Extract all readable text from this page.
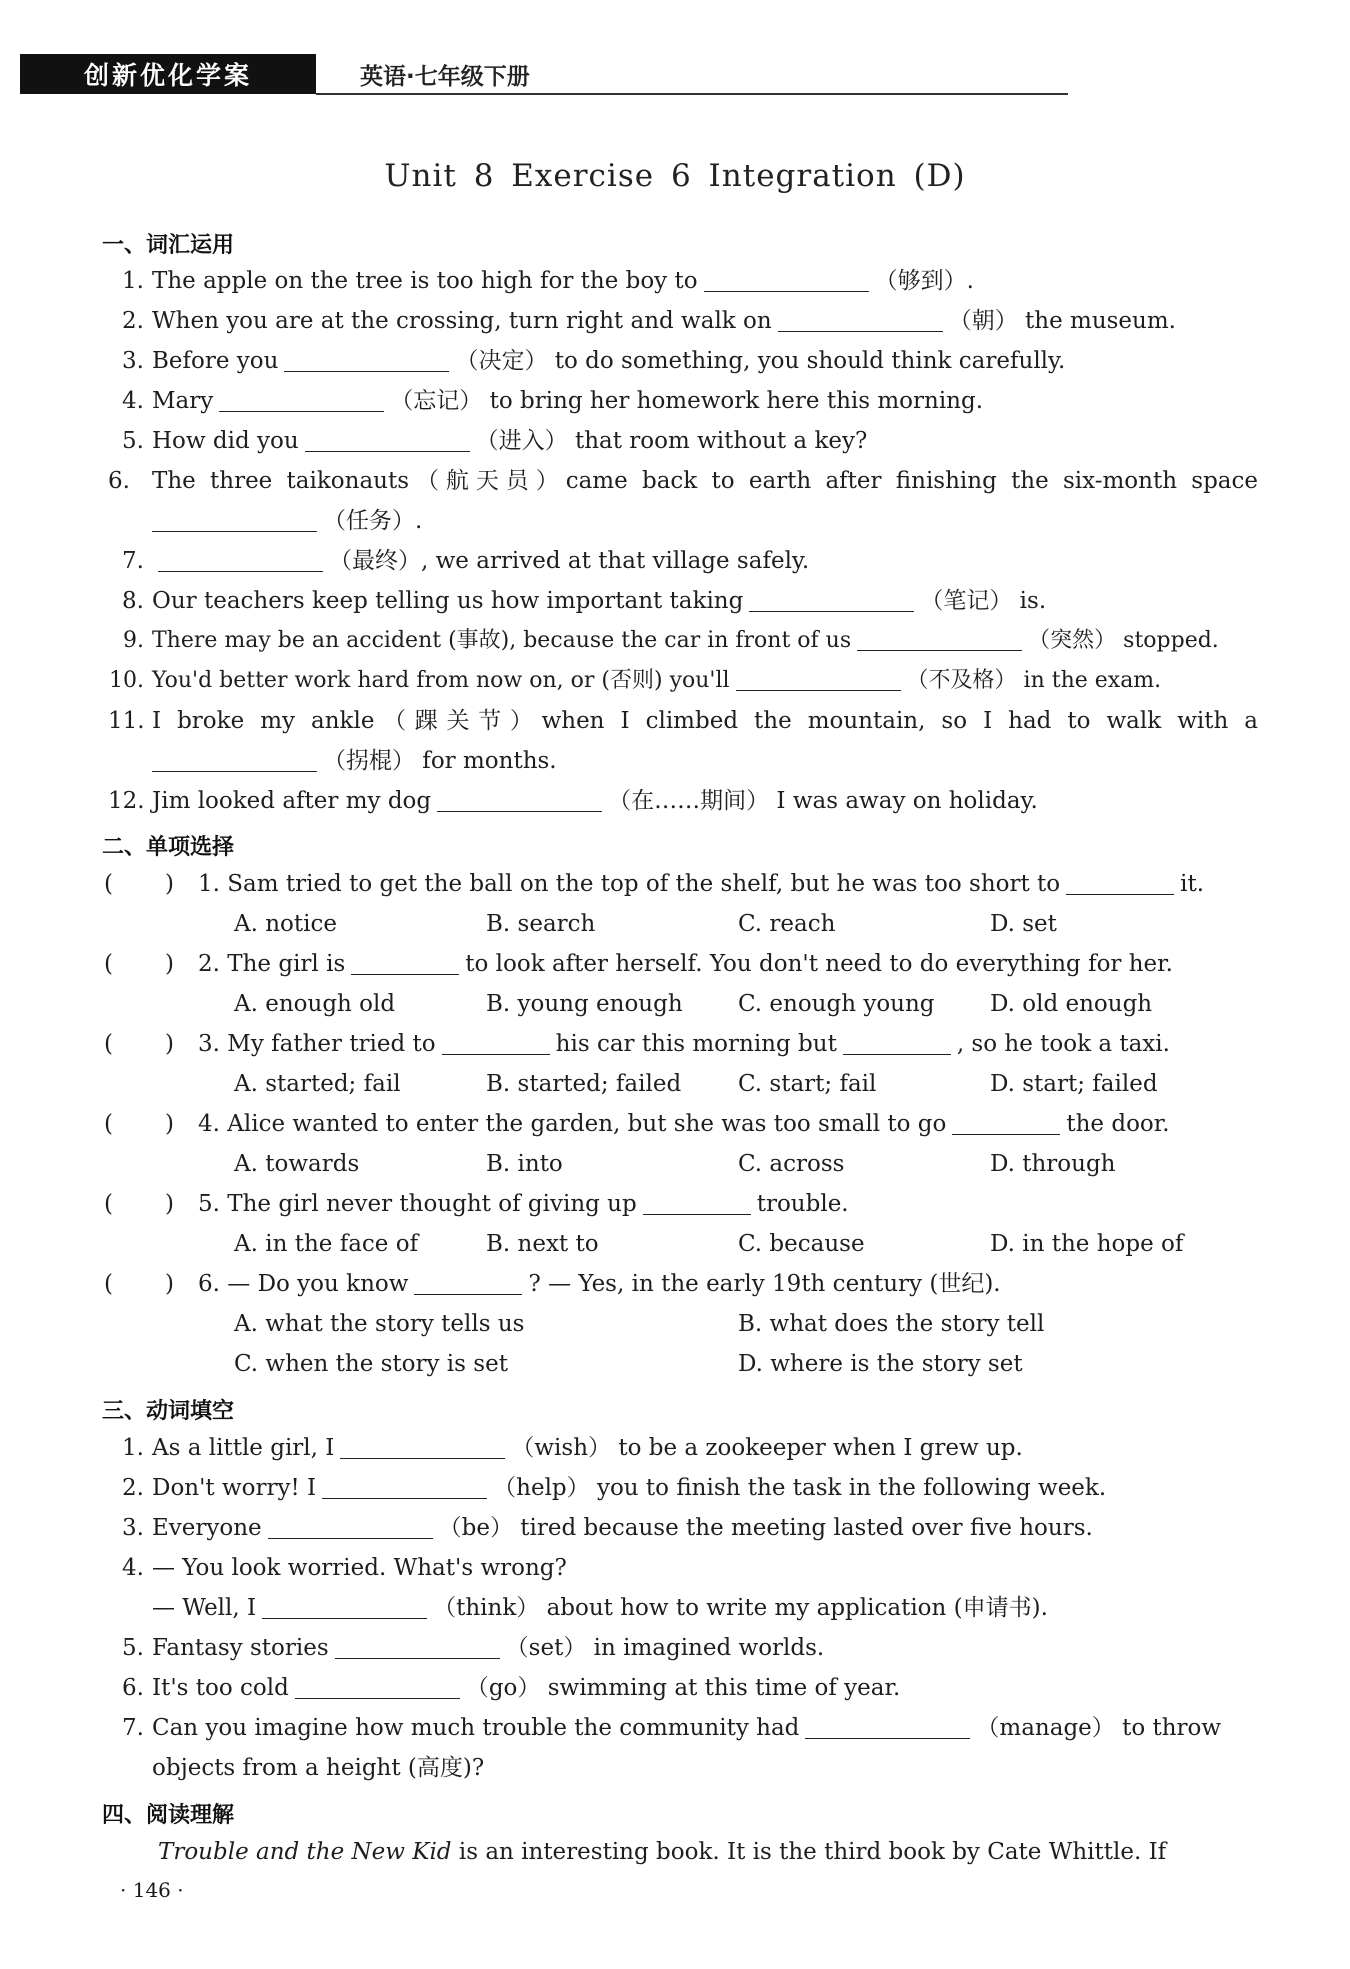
创新优化学案	英语·七年级下册
Unit 8 Exercise 6 Integration (D)
一、词汇运用
1. The apple on the tree is too high for the boy to	（够到）.
2. When you are at the crossing, turn right and walk on	（朝） the museum.
3. Before you	（决定） to do something, you should think carefully.
4. Mary	（忘记） to bring her homework here this morning.
5. How did you	（进入） that room without a key?
6. The three taikonauts（航天员）came back to earth after finishing the six-month space
（任务）.
7.	（最终）, we arrived at that village safely.
8. Our teachers keep telling us how important taking	（笔记） is.
9. There may be an accident (事故), because the car in front of us	（突然） stopped.
10. You'd better work hard from now on, or (否则) you'll	（不及格） in the exam.
11. I broke my ankle（踝关节）when I climbed the mountain, so I had to walk with a
（拐棍） for months.
12. Jim looked after my dog	（在……期间） I was away on holiday.
二、单项选择
( ) 1. Sam tried to get the ball on the top of the shelf, but he was too short to	it.
A. notice	B. search	C. reach	D. set
( ) 2. The girl is	to look after herself. You don't need to do everything for her.
A. enough old	B. young enough C. enough young D. old enough
( ) 3. My father tried to	his car this morning but	, so he took a taxi.
A. started; fail	B. started; failed C. start; fail	D. start; failed
( ) 4. Alice wanted to enter the garden, but she was too small to go	the door.
A. towards	B. into	C. across	D. through
( ) 5. The girl never thought of giving up	trouble.
A. in the face of	B. next to	C. because	D. in the hope of
( ) 6. — Do you know	? — Yes, in the early 19th century (世纪).
A. what the story tells us	B. what does the story tell
C. when the story is set	D. where is the story set
三、动词填空
1. As a little girl, I	（wish） to be a zookeeper when I grew up.
2. Don't worry! I	（help） you to finish the task in the following week.
3. Everyone	（be） tired because the meeting lasted over five hours.
4. — You look worried. What's wrong?
— Well, I	（think） about how to write my application (申请书).
5. Fantasy stories	（set） in imagined worlds.
6. It's too cold	（go） swimming at this time of year.
7. Can you imagine how much trouble the community had	（manage） to throw
objects from a height (高度)?
四、阅读理解
Trouble and the New Kid is an interesting book. It is the third book by Cate Whittle. If
· 146 ·
